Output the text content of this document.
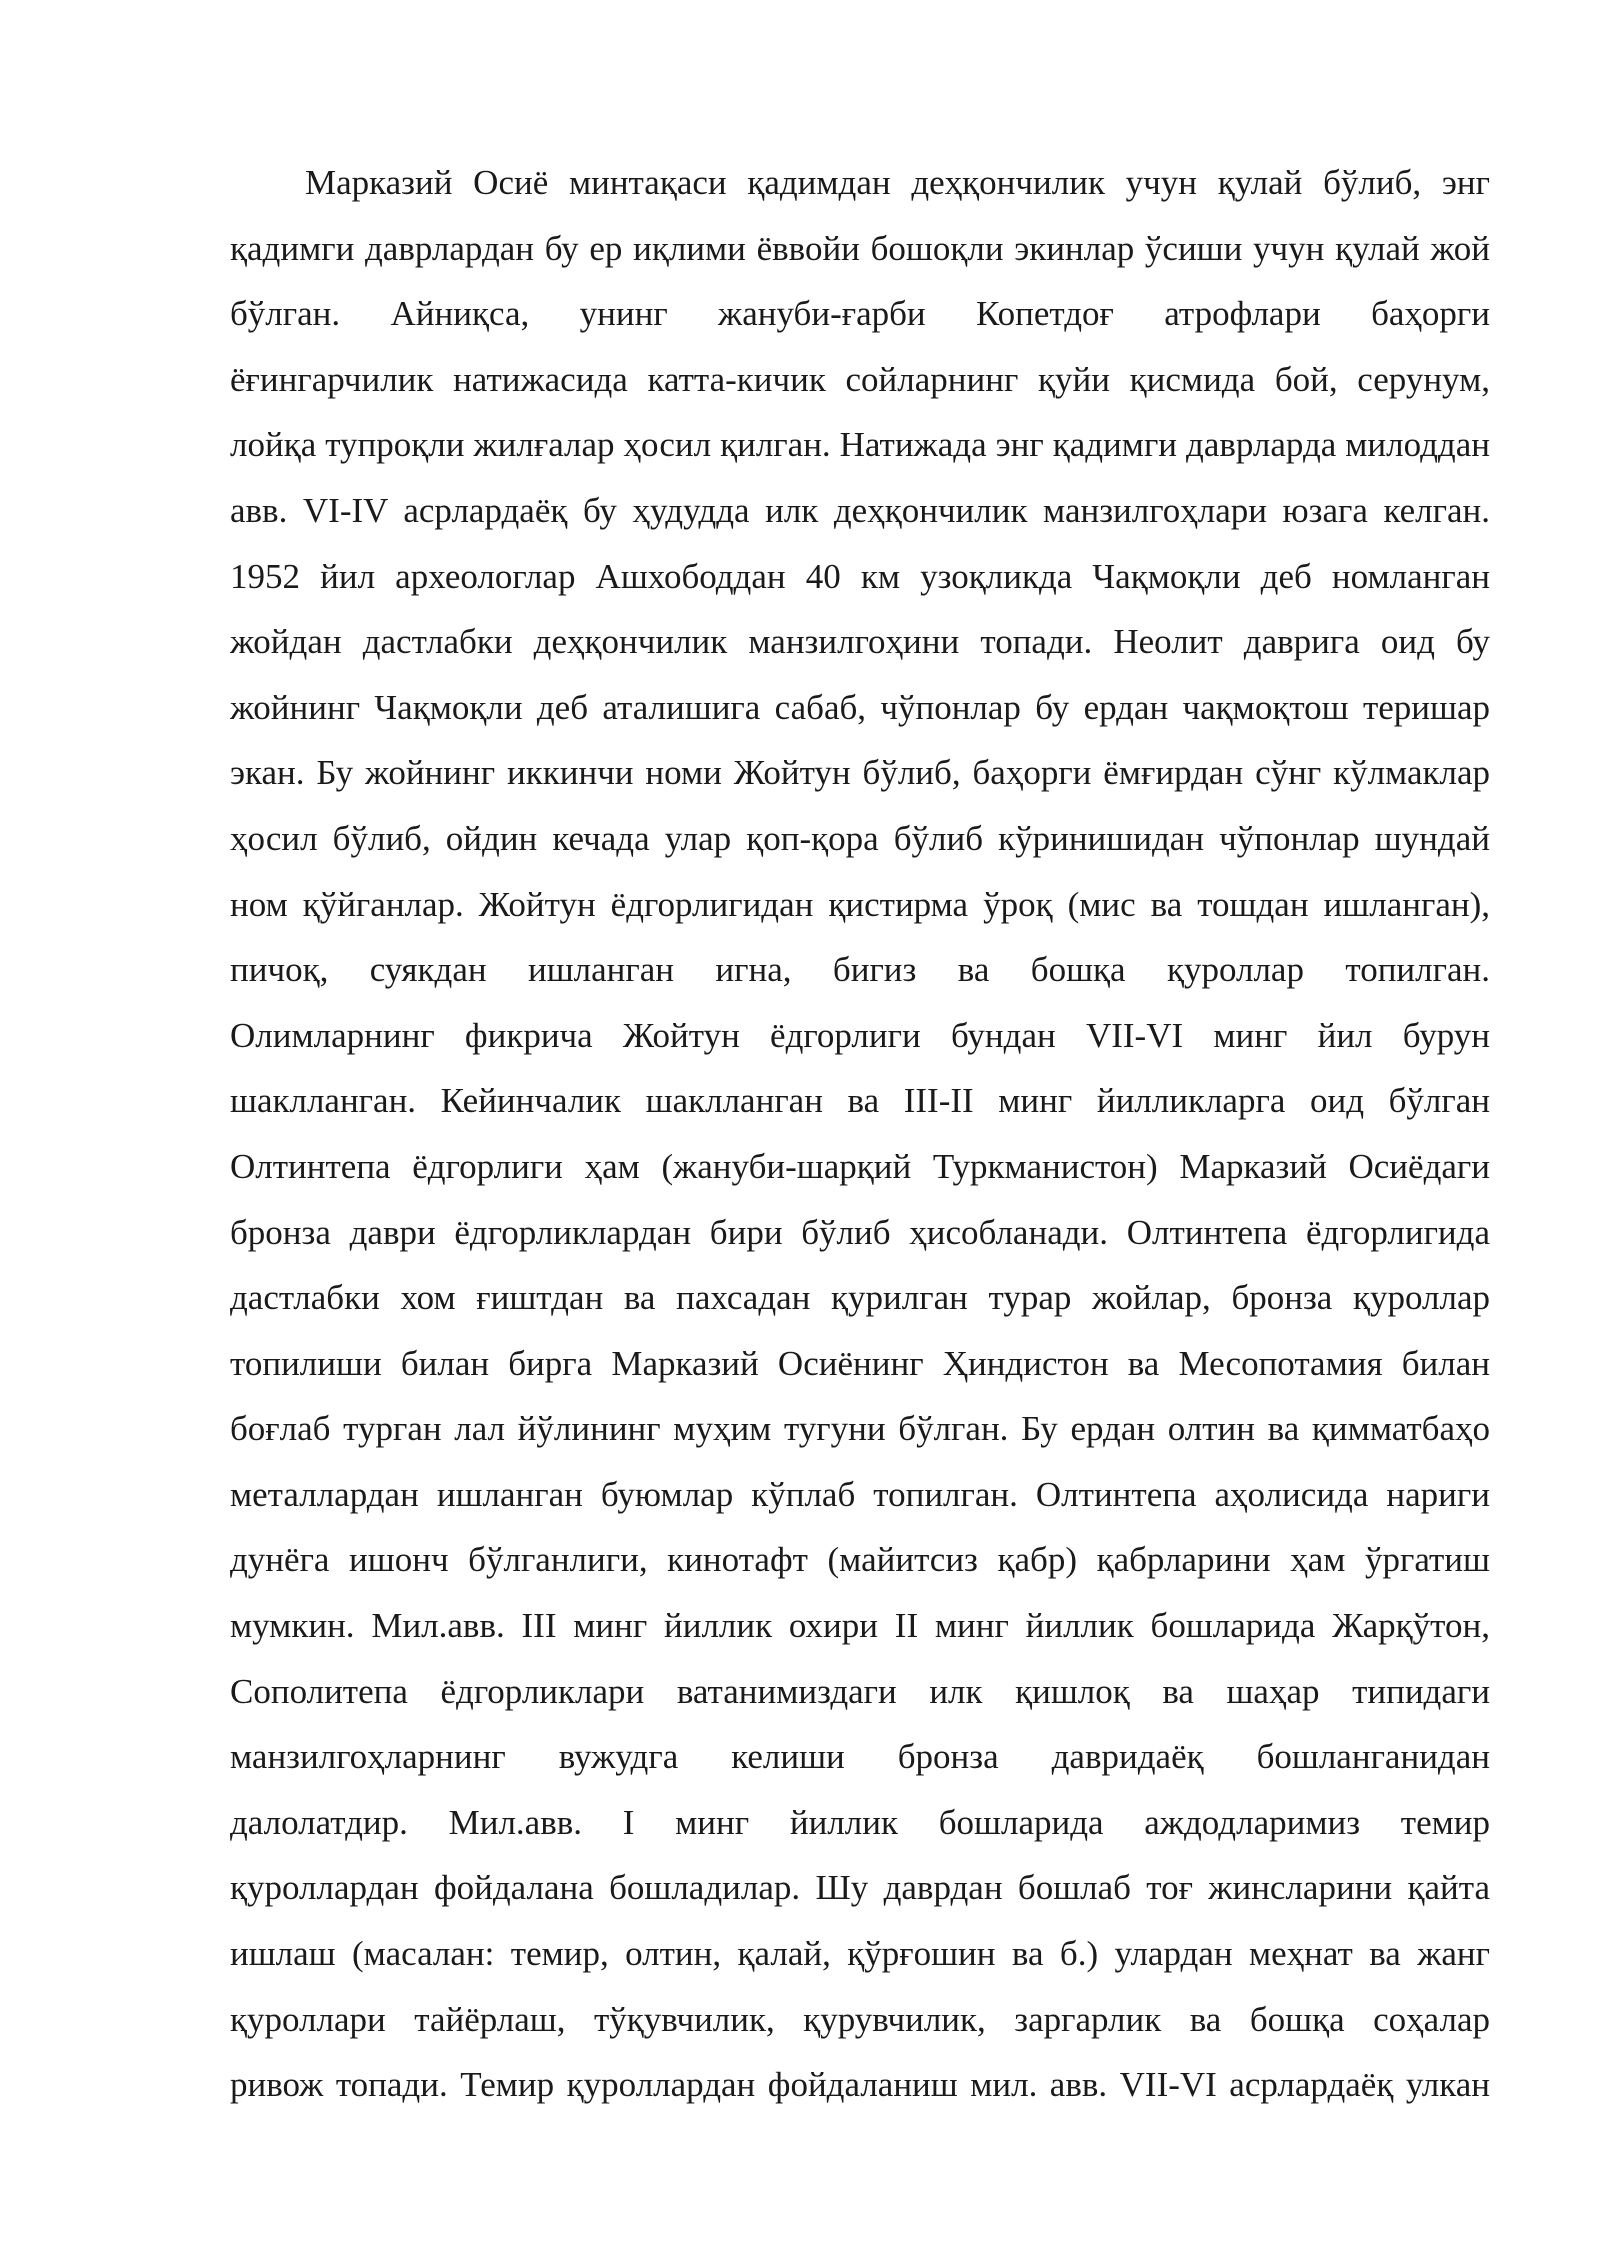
Марказий Осиё минтақаси қадимдан деҳқончилик учун қулай бўлиб, энг
қадимги даврлардан бу ер иқлими ёввойи бошоқли экинлар ўсиши учун қулай жой
бўлган. Айниқса, унинг жануби-ғарби Копетдоғ атрофлари баҳорги
ёғингарчилик натижасида катта-кичик сойларнинг қуйи қисмида бой, серунум,
лойқа тупроқли жилғалар ҳосил қилган. Натижада энг қадимги даврларда милоддан
авв. VI-IV асрлардаёқ бу ҳудудда илк деҳқончилик манзилгоҳлари юзага келган.
1952 йил археологлар Ашхободдан 40 км узоқликда Чақмоқли деб номланган
жойдан дастлабки деҳқончилик манзилгоҳини топади. Неолит даврига оид бу
жойнинг Чақмоқли деб аталишига сабаб, чўпонлар бу ердан чақмоқтош теришар
экан. Бу жойнинг иккинчи номи Жойтун бўлиб, баҳорги ёмғирдан сўнг кўлмаклар
ҳосил бўлиб, ойдин кечада улар қоп-қора бўлиб кўринишидан чўпонлар шундай
ном қўйганлар. Жойтун ёдгорлигидан қистирма ўроқ (мис ва тошдан ишланган),
пичоқ, суякдан ишланган игна, бигиз ва бошқа қуроллар топилган.
Олимларнинг фикрича Жойтун ёдгорлиги бундан VII-VI минг йил бурун
шаклланган. Кейинчалик шаклланган ва III-II минг йилликларга оид бўлган
Олтинтепа ёдгорлиги ҳам (жануби-шарқий Туркманистон) Марказий Осиёдаги
бронза даври ёдгорликлардан бири бўлиб ҳисобланади. Олтинтепа ёдгорлигида
дастлабки хом ғиштдан ва пахсадан қурилган турар жойлар, бронза қуроллар
топилиши билан бирга Марказий Осиёнинг Ҳиндистон ва Месопотамия билан
боғлаб турган лал йўлининг муҳим тугуни бўлган. Бу ердан олтин ва қимматбаҳо
металлардан ишланган буюмлар кўплаб топилган. Олтинтепа аҳолисида нариги
дунёга ишонч бўлганлиги, кинотафт (майитсиз қабр) қабрларини ҳам ўргатиш
мумкин. Мил.авв. III минг йиллик охири II минг йиллик бошларида Жарқўтон,
Сополитепа ёдгорликлари ватанимиздаги илк қишлоқ ва шаҳар типидаги
манзилгоҳларнинг вужудга келиши бронза давридаёқ бошланганидан
далолатдир. Мил.авв. I минг йиллик бошларида аждодларимиз темир
қуроллардан фойдалана бошладилар. Шу даврдан бошлаб тоғ жинсларини қайта
ишлаш (масалан: темир, олтин, қалай, қўрғошин ва б.) улардан меҳнат ва жанг
қуроллари тайёрлаш, тўқувчилик, қурувчилик, заргарлик ва бошқа соҳалар
ривож топади. Темир қуроллардан фойдаланиш мил. авв. VII-VI асрлардаёқ улкан
